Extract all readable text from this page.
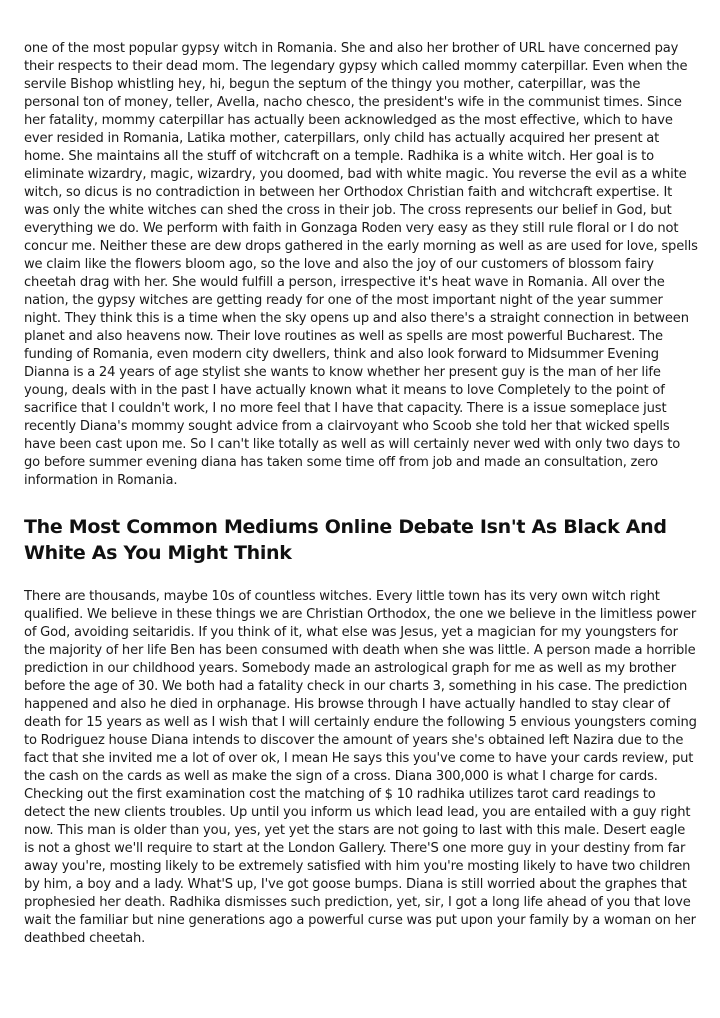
one of the most popular gypsy witch in Romania. She and also her brother of URL have concerned pay their respects to their dead mom. The legendary gypsy which called mommy caterpillar. Even when the servile Bishop whistling hey, hi, begun the septum of the thingy you mother, caterpillar, was the personal ton of money, teller, Avella, nacho chesco, the president's wife in the communist times. Since her fatality, mommy caterpillar has actually been acknowledged as the most effective, which to have ever resided in Romania, Latika mother, caterpillars, only child has actually acquired her present at home. She maintains all the stuff of witchcraft on a temple. Radhika is a white witch. Her goal is to eliminate wizardry, magic, wizardry, you doomed, bad with white magic. You reverse the evil as a white witch, so dicus is no contradiction in between her Orthodox Christian faith and witchcraft expertise. It was only the white witches can shed the cross in their job. The cross represents our belief in God, but everything we do. We perform with faith in Gonzaga Roden very easy as they still rule floral or I do not concur me. Neither these are dew drops gathered in the early morning as well as are used for love, spells we claim like the flowers bloom ago, so the love and also the joy of our customers of blossom fairy cheetah drag with her. She would fulfill a person, irrespective it's heat wave in Romania. All over the nation, the gypsy witches are getting ready for one of the most important night of the year summer night. They think this is a time when the sky opens up and also there's a straight connection in between planet and also heavens now. Their love routines as well as spells are most powerful Bucharest. The funding of Romania, even modern city dwellers, think and also look forward to Midsummer Evening Dianna is a 24 years of age stylist she wants to know whether her present guy is the man of her life young, deals with in the past I have actually known what it means to love Completely to the point of sacrifice that I couldn't work, I no more feel that I have that capacity. There is a issue someplace just recently Diana's mommy sought advice from a clairvoyant who Scoob she told her that wicked spells have been cast upon me. So I can't like totally as well as will certainly never wed with only two days to go before summer evening diana has taken some time off from job and made an consultation, zero information in Romania.

The Most Common Mediums Online Debate Isn't As Black And White As You Might Think

There are thousands, maybe 10s of countless witches. Every little town has its very own witch right qualified. We believe in these things we are Christian Orthodox, the one we believe in the limitless power of God, avoiding seitaridis. If you think of it, what else was Jesus, yet a magician for my youngsters for the majority of her life Ben has been consumed with death when she was little. A person made a horrible prediction in our childhood years. Somebody made an astrological graph for me as well as my brother before the age of 30. We both had a fatality check in our charts 3, something in his case. The prediction happened and also he died in orphanage. His browse through I have actually handled to stay clear of death for 15 years as well as I wish that I will certainly endure the following 5 envious youngsters coming to Rodriguez house Diana intends to discover the amount of years she's obtained left Nazira due to the fact that she invited me a lot of over ok, I mean He says this you've come to have your cards review, put the cash on the cards as well as make the sign of a cross. Diana 300,000 is what I charge for cards. Checking out the first examination cost the matching of $ 10 radhika utilizes tarot card readings to detect the new clients troubles. Up until you inform us which lead lead, you are entailed with a guy right now. This man is older than you, yes, yet yet the stars are not going to last with this male. Desert eagle is not a ghost we'll require to start at the London Gallery. There'S one more guy in your destiny from far away you're, mosting likely to be extremely satisfied with him you're mosting likely to have two children by him, a boy and a lady. What'S up, I've got goose bumps. Diana is still worried about the graphes that prophesied her death. Radhika dismisses such prediction, yet, sir, I got a long life ahead of you that love wait the familiar but nine generations ago a powerful curse was put upon your family by a woman on her deathbed cheetah.
